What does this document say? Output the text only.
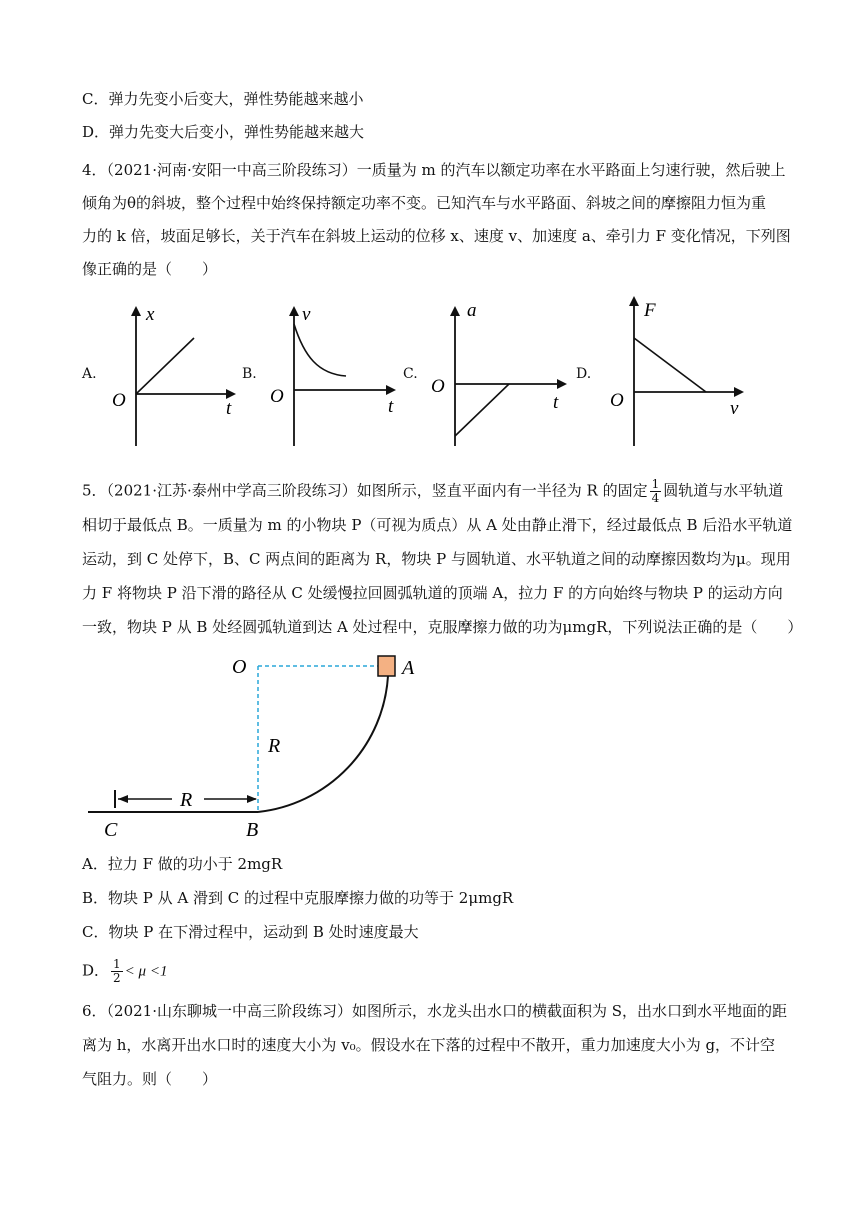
C．弹力先变小后变大，弹性势能越来越小
D．弹力先变大后变小，弹性势能越来越大
4．（2021·河南·安阳一中高三阶段练习）一质量为 m 的汽车以额定功率在水平路面上匀速行驶，然后驶上
倾角为θ的斜坡，整个过程中始终保持额定功率不变。已知汽车与水平路面、斜坡之间的摩擦阻力恒为重
力的 k 倍，坡面足够长，关于汽车在斜坡上运动的位移 x、速度 v、加速度 a、牵引力 F 变化情况，下列图
像正确的是（　　）
A.	B.	C.	D.
x
t
O
v
t
O
a
t
O
F
v
O
5．（2021·江苏·泰州中学高三阶段练习）如图所示，竖直平面内有一半径为 R 的固定 $\frac{1}{4}$ 圆轨道与水平轨道
相切于最低点 B。一质量为 m 的小物块 P（可视为质点）从 A 处由静止滑下，经过最低点 B 后沿水平轨道
运动，到 C 处停下，B、C 两点间的距离为 R，物块 P 与圆轨道、水平轨道之间的动摩擦因数均为μ。现用
力 F 将物块 P 沿下滑的路径从 C 处缓慢拉回圆弧轨道的顶端 A，拉力 F 的方向始终与物块 P 的运动方向
一致，物块 P 从 B 处经圆弧轨道到达 A 处过程中，克服摩擦力做的功为μmgR，下列说法正确的是（　　）
O	A
R
R
C	B
A．拉力 F 做的功小于 2mgR
B．物块 P 从 A 滑到 C 的过程中克服摩擦力做的功等于 2μmgR
C．物块 P 在下滑过程中，运动到 B 处时速度最大
D． $\frac{1}{2} < \mu <1$
6．（2021·山东聊城一中高三阶段练习）如图所示，水龙头出水口的横截面积为 S，出水口到水平地面的距
离为 h，水离开出水口时的速度大小为 v₀。假设水在下落的过程中不散开，重力加速度大小为 g，不计空
气阻力。则（　　）
